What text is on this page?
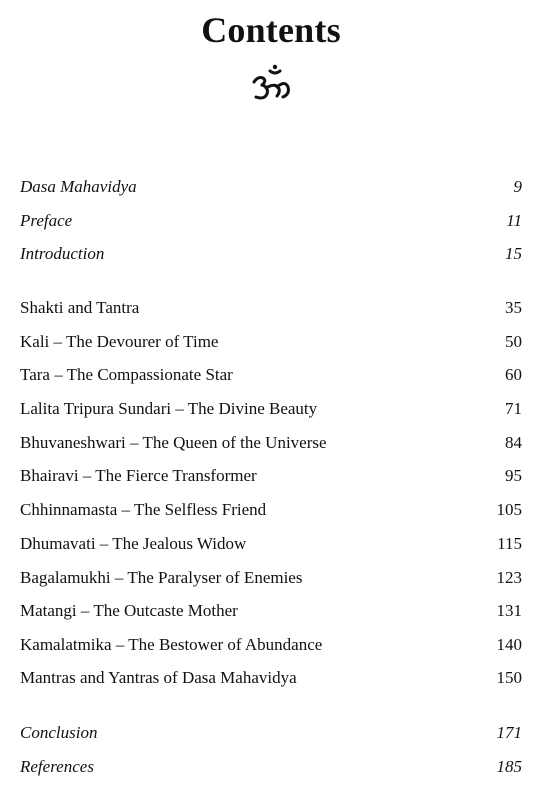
Contents
Dasa Mahavidya	9
Preface	11
Introduction	15
Shakti and Tantra	35
Kali – The Devourer of Time	50
Tara – The Compassionate Star	60
Lalita Tripura Sundari – The Divine Beauty	71
Bhuvaneshwari – The Queen of the Universe	84
Bhairavi – The Fierce Transformer	95
Chhinnamasta – The Selfless Friend	105
Dhumavati – The Jealous Widow	115
Bagalamukhi – The Paralyser of Enemies	123
Matangi – The Outcaste Mother	131
Kamalatmika – The Bestower of Abundance	140
Mantras and Yantras of Dasa Mahavidya	150
Conclusion	171
References	185
